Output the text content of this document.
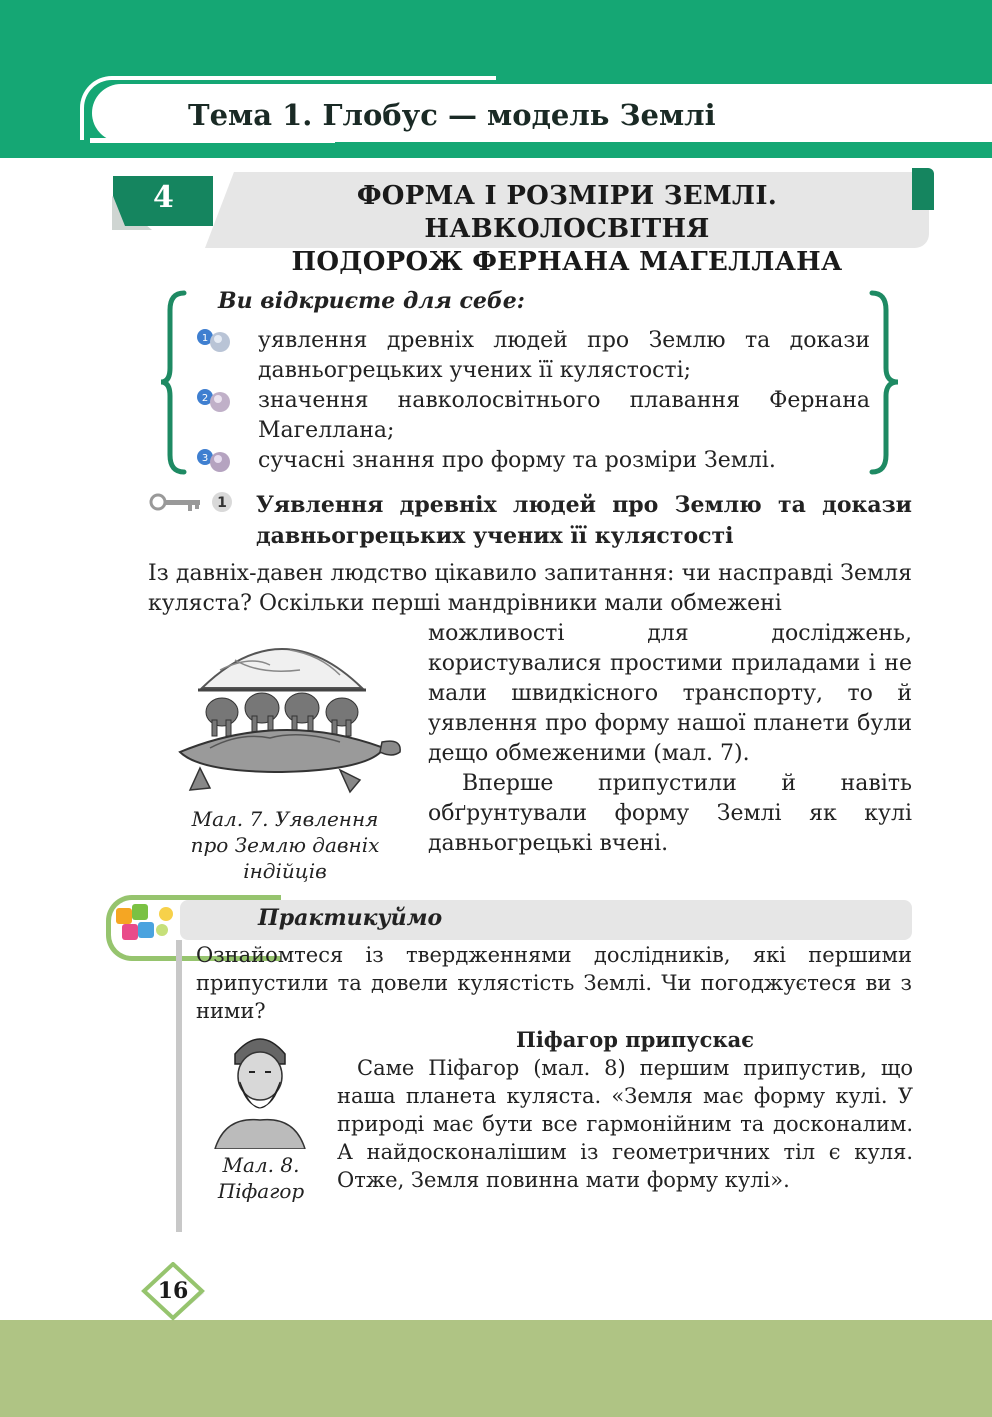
Тема 1. Глобус — модель Землі
4	ФОРМА І РОЗМІРИ ЗЕМЛІ. НАВКОЛОСВІТНЯ
ПОДОРОЖ ФЕРНАНА МАГЕЛЛАНА
Ви відкриєте для себе:
1
2
3
уявлення древніх людей про Землю та докази давньогрецьких учених її кулястості;
значення навколосвітнього плавання Фернана Магеллана;
сучасні знання про форму та розміри Землі.
1 Уявлення древніх людей про Землю та докази давньогрецьких учених її кулястості
Із давніх-давен людство цікавило запитання: чи насправді Земля куляста? Оскільки перші мандрівники мали обмежені
можливості для досліджень, користувалися простими приладами і не мали швидкісного транспорту, то й уявлення про форму нашої планети були дещо обмеженими (мал. 7).
Вперше припустили й навіть обґрунтували форму Землі як кулі давньогрецькі вчені.
Мал. 7. Уявлення про Землю давніх індійців
Практикуймо
Ознайомтеся із твердженнями дослідників, які першими припустили та довели кулястість Землі. Чи погоджуєтеся ви з ними?
Піфагор припускає
Саме Піфагор (мал. 8) першим припустив, що наша планета куляста. «Земля має форму кулі. У природі має бути все гармонійним та досконалим. А найдосконалішим із геометричних тіл є куля. Отже, Земля повинна мати форму кулі».
Мал. 8. Піфагор
16
